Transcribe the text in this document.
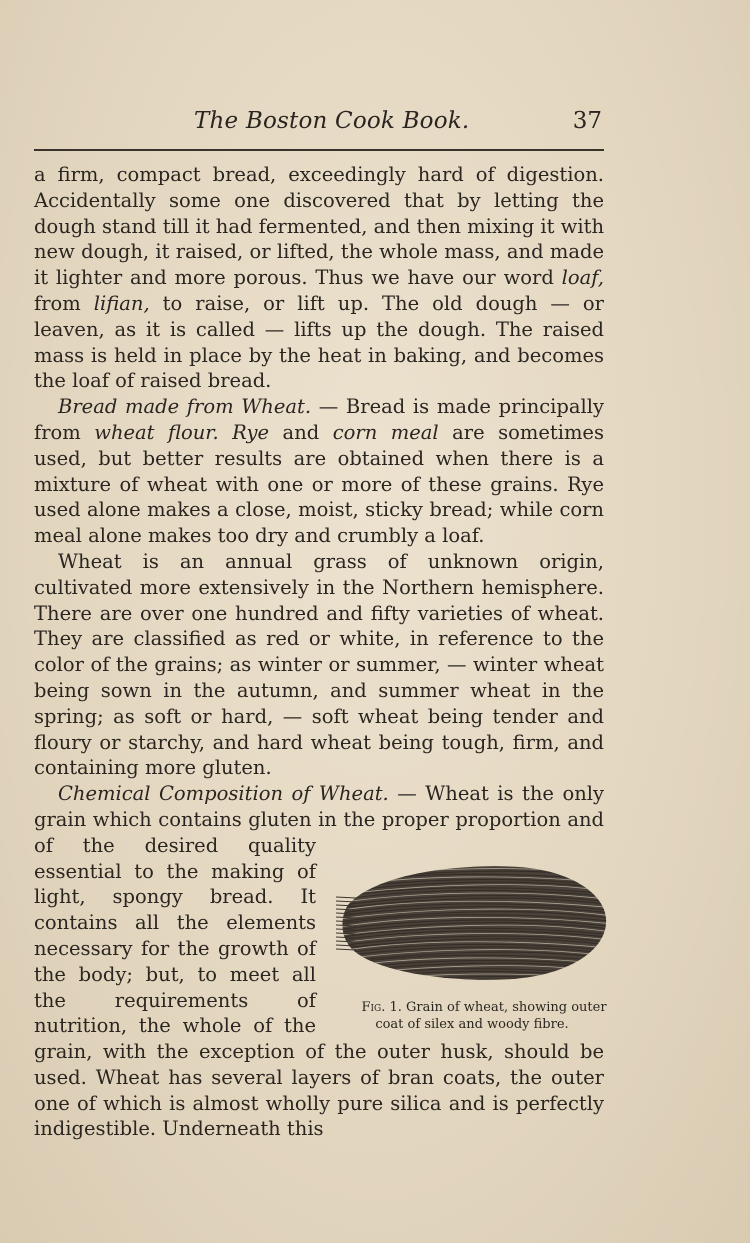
The Boston Cook Book.	37

a firm, compact bread, exceedingly hard of digestion. Accidentally some one discovered that by letting the dough stand till it had fermented, and then mixing it with new dough, it raised, or lifted, the whole mass, and made it lighter and more porous. Thus we have our word loaf, from lifian, to raise, or lift up. The old dough — or leaven, as it is called — lifts up the dough. The raised mass is held in place by the heat in baking, and becomes the loaf of raised bread.

Bread made from Wheat. — Bread is made principally from wheat flour. Rye and corn meal are sometimes used, but better results are obtained when there is a mixture of wheat with one or more of these grains. Rye used alone makes a close, moist, sticky bread; while corn meal alone makes too dry and crumbly a loaf.

Wheat is an annual grass of unknown origin, cultivated more extensively in the Northern hemisphere. There are over one hundred and fifty varieties of wheat. They are classified as red or white, in reference to the color of the grains; as winter or summer, — winter wheat being sown in the autumn, and summer wheat in the spring; as soft or hard, — soft wheat being tender and floury or starchy, and hard wheat being tough, firm, and containing more gluten.

Chemical Composition of Wheat. — Wheat is the only grain which contains gluten in the proper proportion and of the
Fig. 1. Grain of wheat, showing outer coat of silex and woody fibre.
desired quality essential to the making of light, spongy bread. It contains all the elements necessary for the growth of the body; but, to meet all the requirements of nutrition, the whole of the grain, with the exception of the outer husk, should be used. Wheat has several layers of bran coats, the outer one of which is almost wholly pure silica and is perfectly indigestible. Underneath this
